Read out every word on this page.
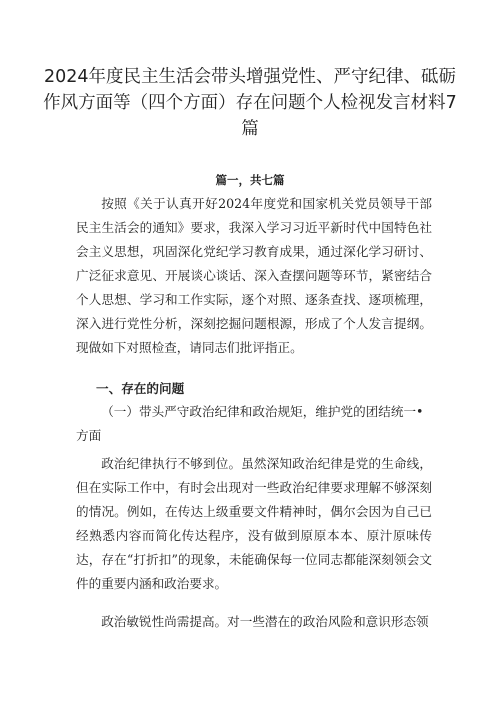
2024年度民主生活会带头增强党性、严守纪律、砥砺作风方面等（四个方面）存在问题个人检视发言材料7篇
篇一，共七篇
按照《关于认真开好2024年度党和国家机关党员领导干部民主生活会的通知》要求，我深入学习习近平新时代中国特色社会主义思想，巩固深化党纪学习教育成果，通过深化学习研讨、广泛征求意见、开展谈心谈话、深入查摆问题等环节，紧密结合个人思想、学习和工作实际，逐个对照、逐条查找、逐项梳理，深入进行党性分析，深刻挖掘问题根源，形成了个人发言提纲。现做如下对照检查，请同志们批评指正。
一、存在的问题
（一）带头严守政治纪律和政治规矩，维护党的团结统一•方面
政治纪律执行不够到位。虽然深知政治纪律是党的生命线，但在实际工作中，有时会出现对一些政治纪律要求理解不够深刻的情况。例如，在传达上级重要文件精神时，偶尔会因为自己已经熟悉内容而简化传达程序，没有做到原原本本、原汁原味传达，存在“打折扣”的现象，未能确保每一位同志都能深刻领会文件的重要内涵和政治要求。
政治敏锐性尚需提高。对一些潜在的政治风险和意识形态领
